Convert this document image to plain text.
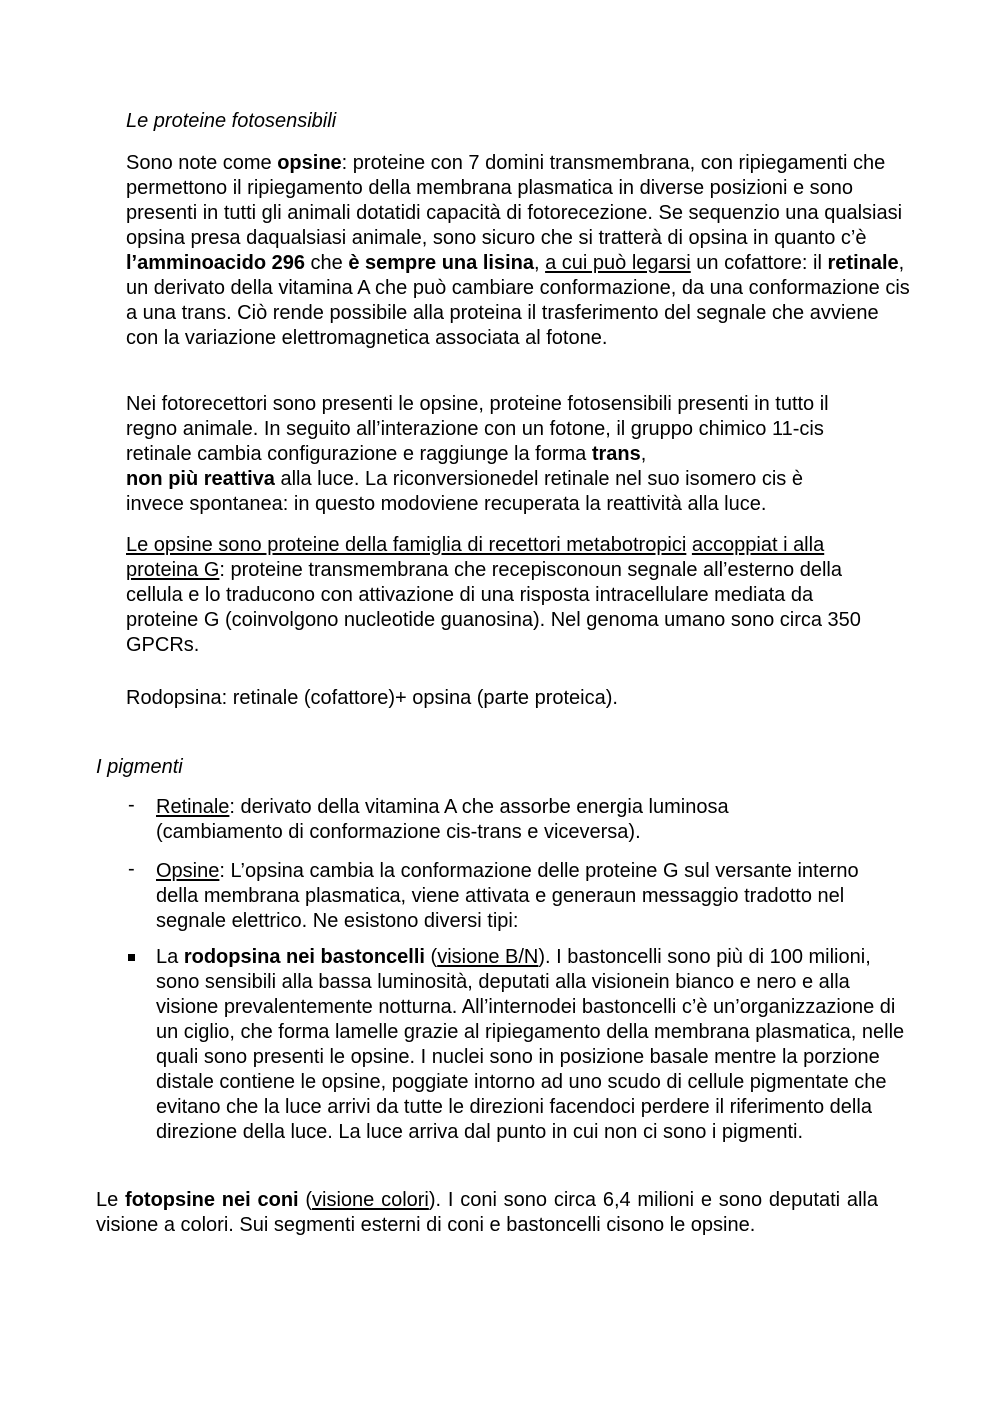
Le proteine fotosensibili

Sono note come opsine: proteine con 7 domini transmembrana, con ripiegamenti che permettono il ripiegamento della membrana plasmatica in diverse posizioni e sono presenti in tutti gli animali dotatidi capacità di fotorecezione. Se sequenzio una qualsiasi opsina presa daqualsiasi animale, sono sicuro che si tratterà di opsina in quanto c’è l’amminoacido 296 che è sempre una lisina, a cui può legarsi un cofattore: il retinale, un derivato della vitamina A che può cambiare conformazione, da una conformazione cis a una trans. Ciò rende possibile alla proteina il trasferimento del segnale che avviene con la variazione elettromagnetica associata al fotone.

Nei fotorecettori sono presenti le opsine, proteine fotosensibili presenti in tutto il regno animale. In seguito all’interazione con un fotone, il gruppo chimico 11-cis retinale cambia configurazione e raggiunge la forma trans,
non più reattiva alla luce. La riconversionedel retinale nel suo isomero cis è invece spontanea: in questo modoviene recuperata la reattività alla luce.

Le opsine sono proteine della famiglia di recettori metabotropici accoppiat i alla proteina G: proteine transmembrana che recepisconoun segnale all’esterno della cellula e lo traducono con attivazione di una risposta intracellulare mediata da proteine G (coinvolgono nucleotide guanosina). Nel genoma umano sono circa 350 GPCRs.

Rodopsina: retinale (cofattore)+ opsina (parte proteica).

I pigmenti

- Retinale: derivato della vitamina A che assorbe energia luminosa (cambiamento di conformazione cis-trans e viceversa).

- Opsine: L’opsina cambia la conformazione delle proteine G sul versante interno della membrana plasmatica, viene attivata e generaun messaggio tradotto nel segnale elettrico. Ne esistono diversi tipi:

La rodopsina nei bastoncelli (visione B/N). I bastoncelli sono più di 100 milioni, sono sensibili alla bassa luminosità, deputati alla visionein bianco e nero e alla visione prevalentemente notturna. All’internodei bastoncelli c’è un’organizzazione di un ciglio, che forma lamelle grazie al ripiegamento della membrana plasmatica, nelle quali sono presenti le opsine. I nuclei sono in posizione basale mentre la porzione distale contiene le opsine, poggiate intorno ad uno scudo di cellule pigmentate che evitano che la luce arrivi da tutte le direzioni facendoci perdere il riferimento della direzione della luce. La luce arriva dal punto in cui non ci sono i pigmenti.

Le fotopsine nei coni (visione colori). I coni sono circa 6,4 milioni e sono deputati alla visione a colori. Sui segmenti esterni di coni e bastoncelli cisono le opsine.
